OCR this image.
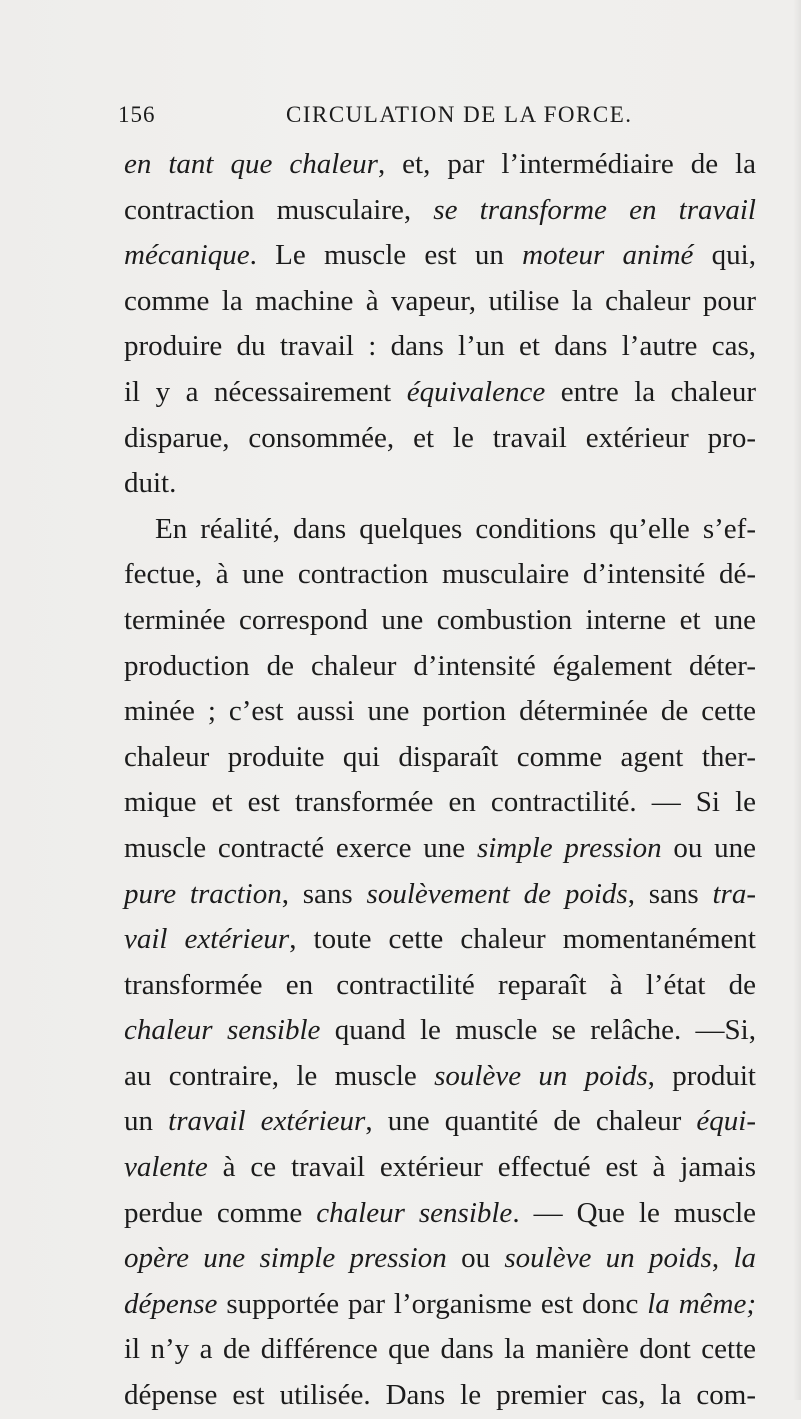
156	CIRCULATION DE LA FORCE.
en tant que chaleur, et, par l’intermédiaire de la
contraction musculaire, se transforme en travail
mécanique. Le muscle est un moteur animé qui,
comme la machine à vapeur, utilise la chaleur pour
produire du travail : dans l’un et dans l’autre cas,
il y a nécessairement équivalence entre la chaleur
disparue, consommée, et le travail extérieur pro-
duit.
En réalité, dans quelques conditions qu’elle s’ef-
fectue, à une contraction musculaire d’intensité dé-
terminée correspond une combustion interne et une
production de chaleur d’intensité également déter-
minée ; c’est aussi une portion déterminée de cette
chaleur produite qui disparaît comme agent ther-
mique et est transformée en contractilité. — Si le
muscle contracté exerce une simple pression ou une
pure traction, sans soulèvement de poids, sans tra-
vail extérieur, toute cette chaleur momentanément
transformée en contractilité reparaît à l’état de
chaleur sensible quand le muscle se relâche. —Si,
au contraire, le muscle soulève un poids, produit
un travail extérieur, une quantité de chaleur équi-
valente à ce travail extérieur effectué est à jamais
perdue comme chaleur sensible. — Que le muscle
opère une simple pression ou soulève un poids, la
dépense supportée par l’organisme est donc la même;
il n’y a de différence que dans la manière dont cette
dépense est utilisée. Dans le premier cas, la com-
